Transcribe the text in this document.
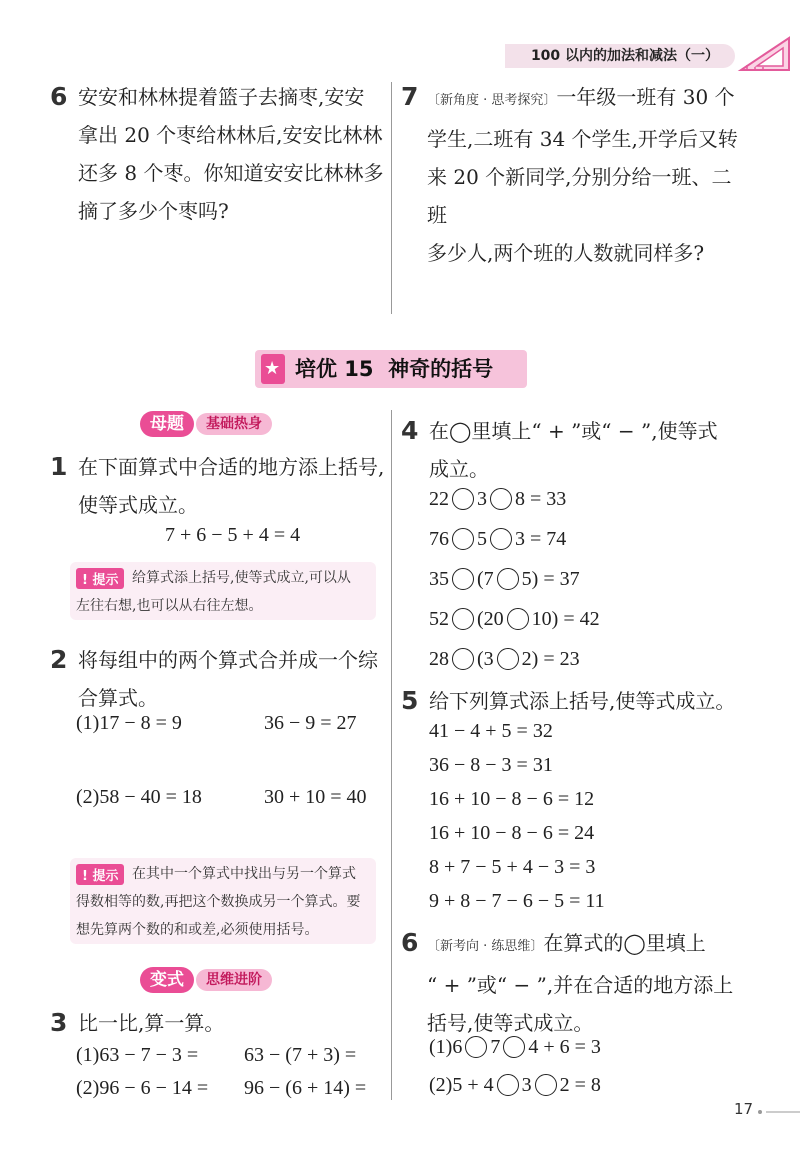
100 以内的加法和减法（一）
6 安安和林林提着篮子去摘枣,安安
拿出 20 个枣给林林后,安安比林林
还多 8 个枣。你知道安安比林林多
摘了多少个枣吗?
7 〔新角度 · 思考探究〕一年级一班有 30 个
学生,二班有 34 个学生,开学后又转
来 20 个新同学,分别分给一班、二班
多少人,两个班的人数就同样多?
★ 培优 15  神奇的括号
母题	基础热身
1 在下面算式中合适的地方添上括号,
使等式成立。
7 + 6 − 5 + 4 = 4
! 提示 给算式添上括号,使等式成立,可以从
左往右想,也可以从右往左想。
2 将每组中的两个算式合并成一个综
合算式。
(1)17 − 8 = 9	36 − 9 = 27
(2)58 − 40 = 18	30 + 10 = 40
! 提示 在其中一个算式中找出与另一个算式
得数相等的数,再把这个数换成另一个算式。要
想先算两个数的和或差,必须使用括号。
变式	思维进阶
3 比一比,算一算。
(1)63 − 7 − 3 = 63 − (7 + 3) =
(2)96 − 6 − 14 = 96 − (6 + 14) =
4 在◯里填上“ + ”或“ − ”,使等式
成立。
22 3 8 = 33
76 5 3 = 74
35 (7 5) = 37
52 (20 10) = 42
28 (3 2) = 23
5 给下列算式添上括号,使等式成立。
41 − 4 + 5 = 32
36 − 8 − 3 = 31
16 + 10 − 8 − 6 = 12
16 + 10 − 8 − 6 = 24
8 + 7 − 5 + 4 − 3 = 3
9 + 8 − 7 − 6 − 5 = 11
6 〔新考向 · 练思维〕在算式的◯里填上
“ + ”或“ − ”,并在合适的地方添上
括号,使等式成立。
(1)6 7 4 + 6 = 3
(2)5 + 4 3 2 = 8
17
